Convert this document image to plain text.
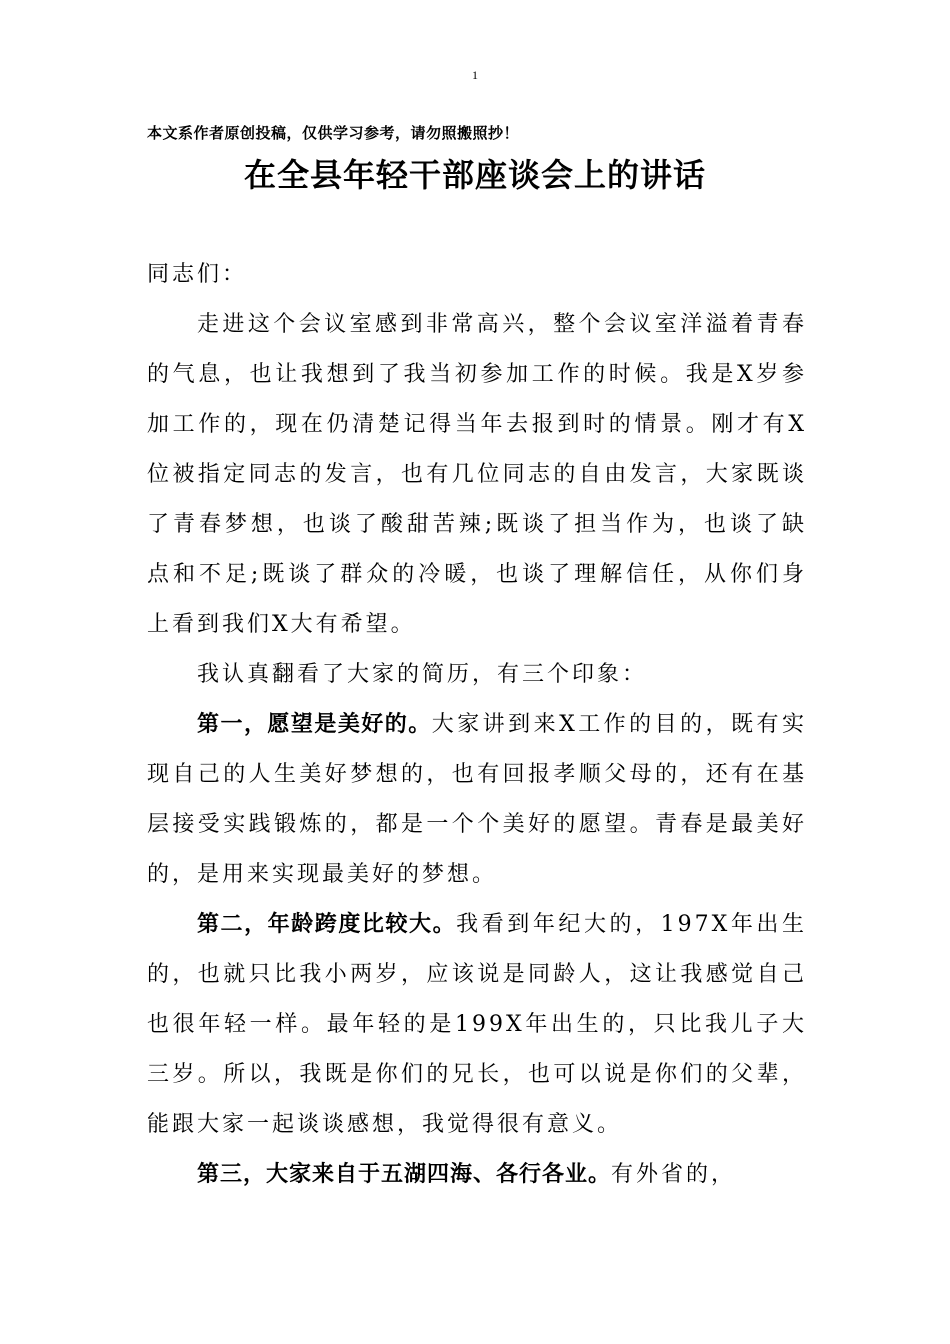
1
本文系作者原创投稿，仅供学习参考，请勿照搬照抄！
在全县年轻干部座谈会上的讲话

同志们：

走进这个会议室感到非常高兴，整个会议室洋溢着青春的气息，也让我想到了我当初参加工作的时候。我是X岁参加工作的，现在仍清楚记得当年去报到时的情景。刚才有X位被指定同志的发言，也有几位同志的自由发言，大家既谈了青春梦想，也谈了酸甜苦辣;既谈了担当作为，也谈了缺点和不足;既谈了群众的冷暖，也谈了理解信任，从你们身上看到我们X大有希望。

我认真翻看了大家的简历，有三个印象：

第一，愿望是美好的。大家讲到来X工作的目的，既有实现自己的人生美好梦想的，也有回报孝顺父母的，还有在基层接受实践锻炼的，都是一个个美好的愿望。青春是最美好的，是用来实现最美好的梦想。

第二，年龄跨度比较大。我看到年纪大的，197X年出生的，也就只比我小两岁，应该说是同龄人，这让我感觉自己也很年轻一样。最年轻的是199X年出生的，只比我儿子大三岁。所以，我既是你们的兄长，也可以说是你们的父辈，能跟大家一起谈谈感想，我觉得很有意义。

第三，大家来自于五湖四海、各行各业。有外省的，
